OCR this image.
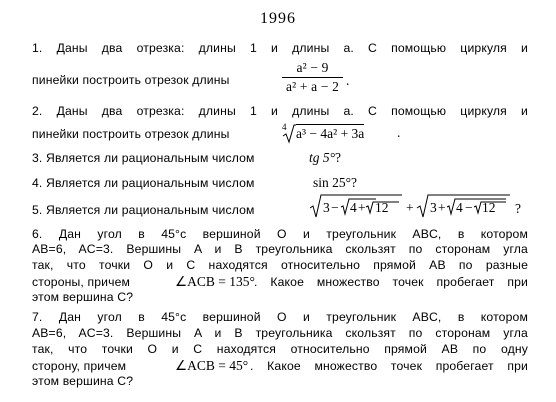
1996
1. Даны два отрезка: длины 1 и длины a. С помощью циркуля и
пинейки построить отрезок длины
a² − 9
a² + a − 2 .
2. Даны два отрезка: длины 1 и длины a. С помощью циркуля и
пинейки построить отрезок длины	4 a³ − 4a² + 3a .
3. Является ли рациональным числом	tg 5°?
4. Является ли рациональным числом	sin 25°?
5. Является ли рациональным числом	3 − 4 + 12 + 3 + 4 − 12 ?
6. Дан угол в 45°с вершиной O и треугольник ABC, в котором
AB=6, AC=3. Вершины A и B треугольника скользят по сторонам угла
так, что точки O и C находятся относительно прямой AB по разные
стороны, причем	∠ACB = 135° . Какое множество точек пробегает при
этом вершина C?
7. Дан угол в 45°с вершиной O и треугольник ABC, в котором
AB=6, AC=3. Вершины A и B треугольника скользят по сторонам угла
так, что точки O и C находятся относительно прямой AB по одну
сторону, причем	∠ACB = 45° . Какое множество точек пробегает при
этом вершина C?
